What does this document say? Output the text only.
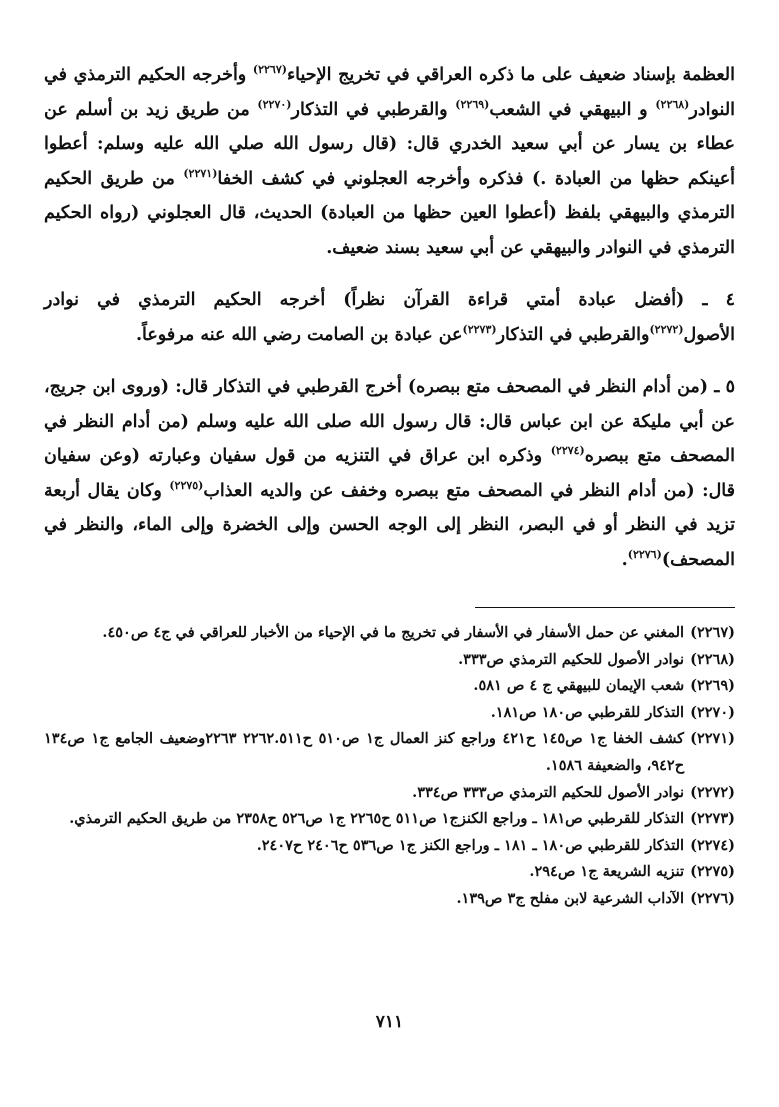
العظمة بإسناد ضعيف على ما ذكره العراقي في تخريج الإحياء$^{(٢٢٦٧)}$ وأخرجه الحكيم الترمذي في النوادر$^{(٢٢٦٨)}$ و البيهقي في الشعب$^{(٢٢٦٩)}$ والقرطبي في التذكار$^{(٢٢٧٠)}$ من طريق زيد بن أسلم عن عطاء بن يسار عن أبي سعيد الخدري قال: (قال رسول الله صلي الله عليه وسلم: أعطوا أعينكم حظها من العبادة .) فذكره وأخرجه العجلوني في كشف الخفا$^{(٢٢٧١)}$ من طريق الحكيم الترمذي والبيهقي بلفظ (أعطوا العين حظها من العبادة) الحديث، قال العجلوني (رواه الحكيم الترمذي في النوادر والبيهقي عن أبي سعيد بسند ضعيف.

٤ ـ (أفضل عبادة أمتي قراءة القرآن نظراً) أخرجه الحكيم الترمذي في نوادر الأصول$^{(٢٢٧٢)}$والقرطبي في التذكار$^{(٢٢٧٣)}$عن عبادة بن الصامت رضي الله عنه مرفوعاً.

٥ ـ (من أدام النظر في المصحف متع ببصره) أخرج القرطبي في التذكار قال: (وروى ابن جريج، عن أبي مليكة عن ابن عباس قال: قال رسول الله صلى الله عليه وسلم (من أدام النظر في المصحف متع ببصره$^{(٢٢٧٤)}$ وذكره ابن عراق في التنزيه من قول سفيان وعبارته (وعن سفيان قال: (من أدام النظر في المصحف متع ببصره وخفف عن والديه العذاب$^{(٢٢٧٥)}$ وكان يقال أربعة تزيد في النظر أو في البصر، النظر إلى الوجه الحسن وإلى الخضرة وإلى الماء، والنظر في المصحف)$^{(٢٢٧٦)}$.

(٢٢٦٧)
المغني عن حمل الأسفار في الأسفار في تخريج ما في الإحياء من الأخبار للعراقي في ج٤ ص٤٥٠.
(٢٢٦٨)
نوادر الأصول للحكيم الترمذي ص٣٣٣.
(٢٢٦٩)
شعب الإيمان للبيهقي ج ٤ ص ٥٨١.
(٢٢٧٠)
التذكار للقرطبي ص١٨٠ ص١٨١.
(٢٢٧١)
كشف الخفا ج١ ص١٤٥ ح٤٢١ وراجع كنز العمال ج١ ص٥١٠ ح٢٢٦٢.٥١١ ٢٢٦٣وضعيف الجامع ج١ ص١٣٤ ح٩٤٢، والضعيفة ١٥٨٦.
(٢٢٧٢)
نوادر الأصول للحكيم الترمذي ص٣٣٣ ص٣٣٤.
(٢٢٧٣)
التذكار للقرطبي ص١٨١ ـ وراجع الكنزج١ ص٥١١ ح٢٢٦٥ ج١ ص٥٢٦ ح٢٣٥٨ من طريق الحكيم الترمذي.
(٢٢٧٤)
التذكار للقرطبي ص١٨٠ ـ ١٨١ ـ وراجع الكنز ج١ ص٥٣٦ ح٢٤٠٦ ح٢٤٠٧.
(٢٢٧٥)
تنزيه الشريعة ج١ ص٢٩٤.
(٢٢٧٦)
الآداب الشرعية لابن مفلح ج٣ ص١٣٩.
٧١١
